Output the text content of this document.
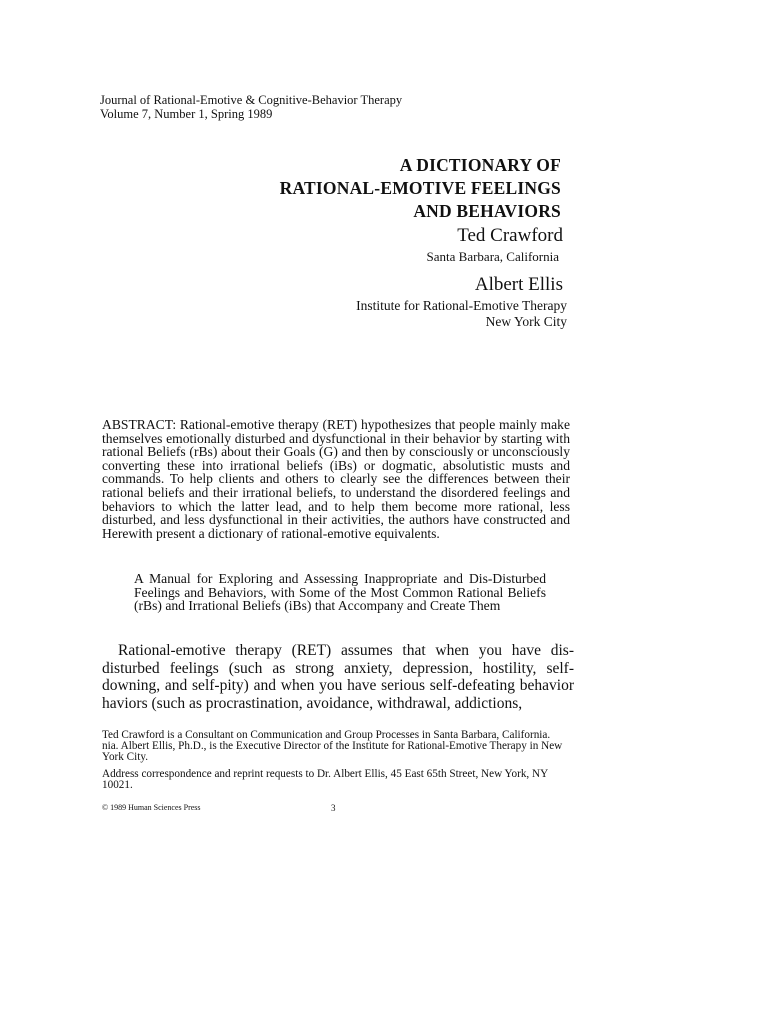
Journal of Rational-Emotive & Cognitive-Behavior Therapy
Volume 7, Number 1, Spring 1989
A DICTIONARY OF
RATIONAL-EMOTIVE FEELINGS
AND BEHAVIORS
Ted Crawford
Santa Barbara, California
Albert Ellis
Institute for Rational-Emotive Therapy
New York City
ABSTRACT: Rational-emotive therapy (RET) hypothesizes that people mainly make themselves emotionally disturbed and dysfunctional in their behavior by starting with rational Beliefs (rBs) about their Goals (G) and then by consciously or unconsciously converting these into irrational beliefs (iBs) or dogmatic, absolutistic musts and commands. To help clients and others to clearly see the differences between their rational beliefs and their irrational beliefs, to understand the disordered feelings and behaviors to which the latter lead, and to help them become more rational, less disturbed, and less dysfunctional in their activities, the authors have constructed and Herewith present a dictionary of rational-emotive equivalents.
A Manual for Exploring and Assessing Inappropriate and Dis-Disturbed Feelings and Behaviors, with Some of the Most Common Rational Beliefs (rBs) and Irrational Beliefs (iBs) that Accompany and Create Them
Rational-emotive therapy (RET) assumes that when you have dis-disturbed feelings (such as strong anxiety, depression, hostility, self-downing, and self-pity) and when you have serious self-defeating behavior haviors (such as procrastination, avoidance, withdrawal, addictions,

Ted Crawford is a Consultant on Communication and Group Processes in Santa Barbara, California. nia. Albert Ellis, Ph.D., is the Executive Director of the Institute for Rational-Emotive Therapy in New York City.

Address correspondence and reprint requests to Dr. Albert Ellis, 45 East 65th Street, New York, NY 10021.

© 1989 Human Sciences Press	3
